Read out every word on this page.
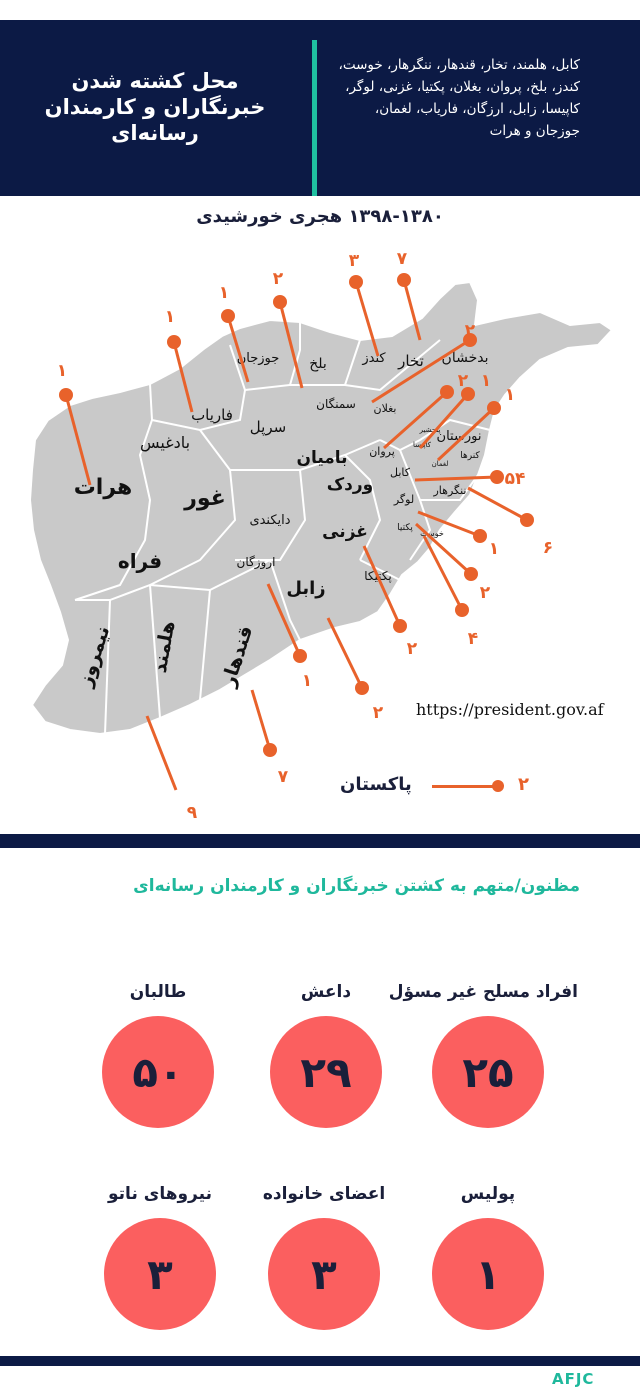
محل کشته شدن خبرنگاران و کارمندان رسانه‌ای
کابل، هلمند، تخار، قندهار، ننگرهار، خوست، کندز، بلخ، پروان، بغلان، پکتیا، غزنی، لوگر، کاپیسا، زابل، ارزگان، فاریاب، لغمان، جوزجان و هرات
۱۳۹۸-۱۳۸۰ هجری خورشیدی
هرات غور
فراه
بادغیس
فاریاب
سرپل
جوزجان بلخ
سمنگان
کندز تخار بدخشان
بغلان
بامیان پروان
کابل
وردک
لوگر
غزنی
دایکندی
اروزگان
زابل
پکتیکا
پکتیا
خوست
نورستان
کنرها
لغمان
ننگرهار
کاپیسا
پنجشیر
نیمروز هلمند قندهار
۱
۱
۱
۲
۳ ۷
۲
۲ ۱
۱
۵۴
۶
۱
۲
۴
۲
۱
۲
۷
۹
https://president.gov.af
پاکستان	۲
مظنون/متهم به کشتن خبرنگاران و کارمندان رسانه‌ای
افراد مسلح غیر مسؤل
۲۵
داعش
۲۹
طالبان
۵۰
پولیس
۱
اعضای خانواده
۳
نیروهای ناتو
۳
AFJC
